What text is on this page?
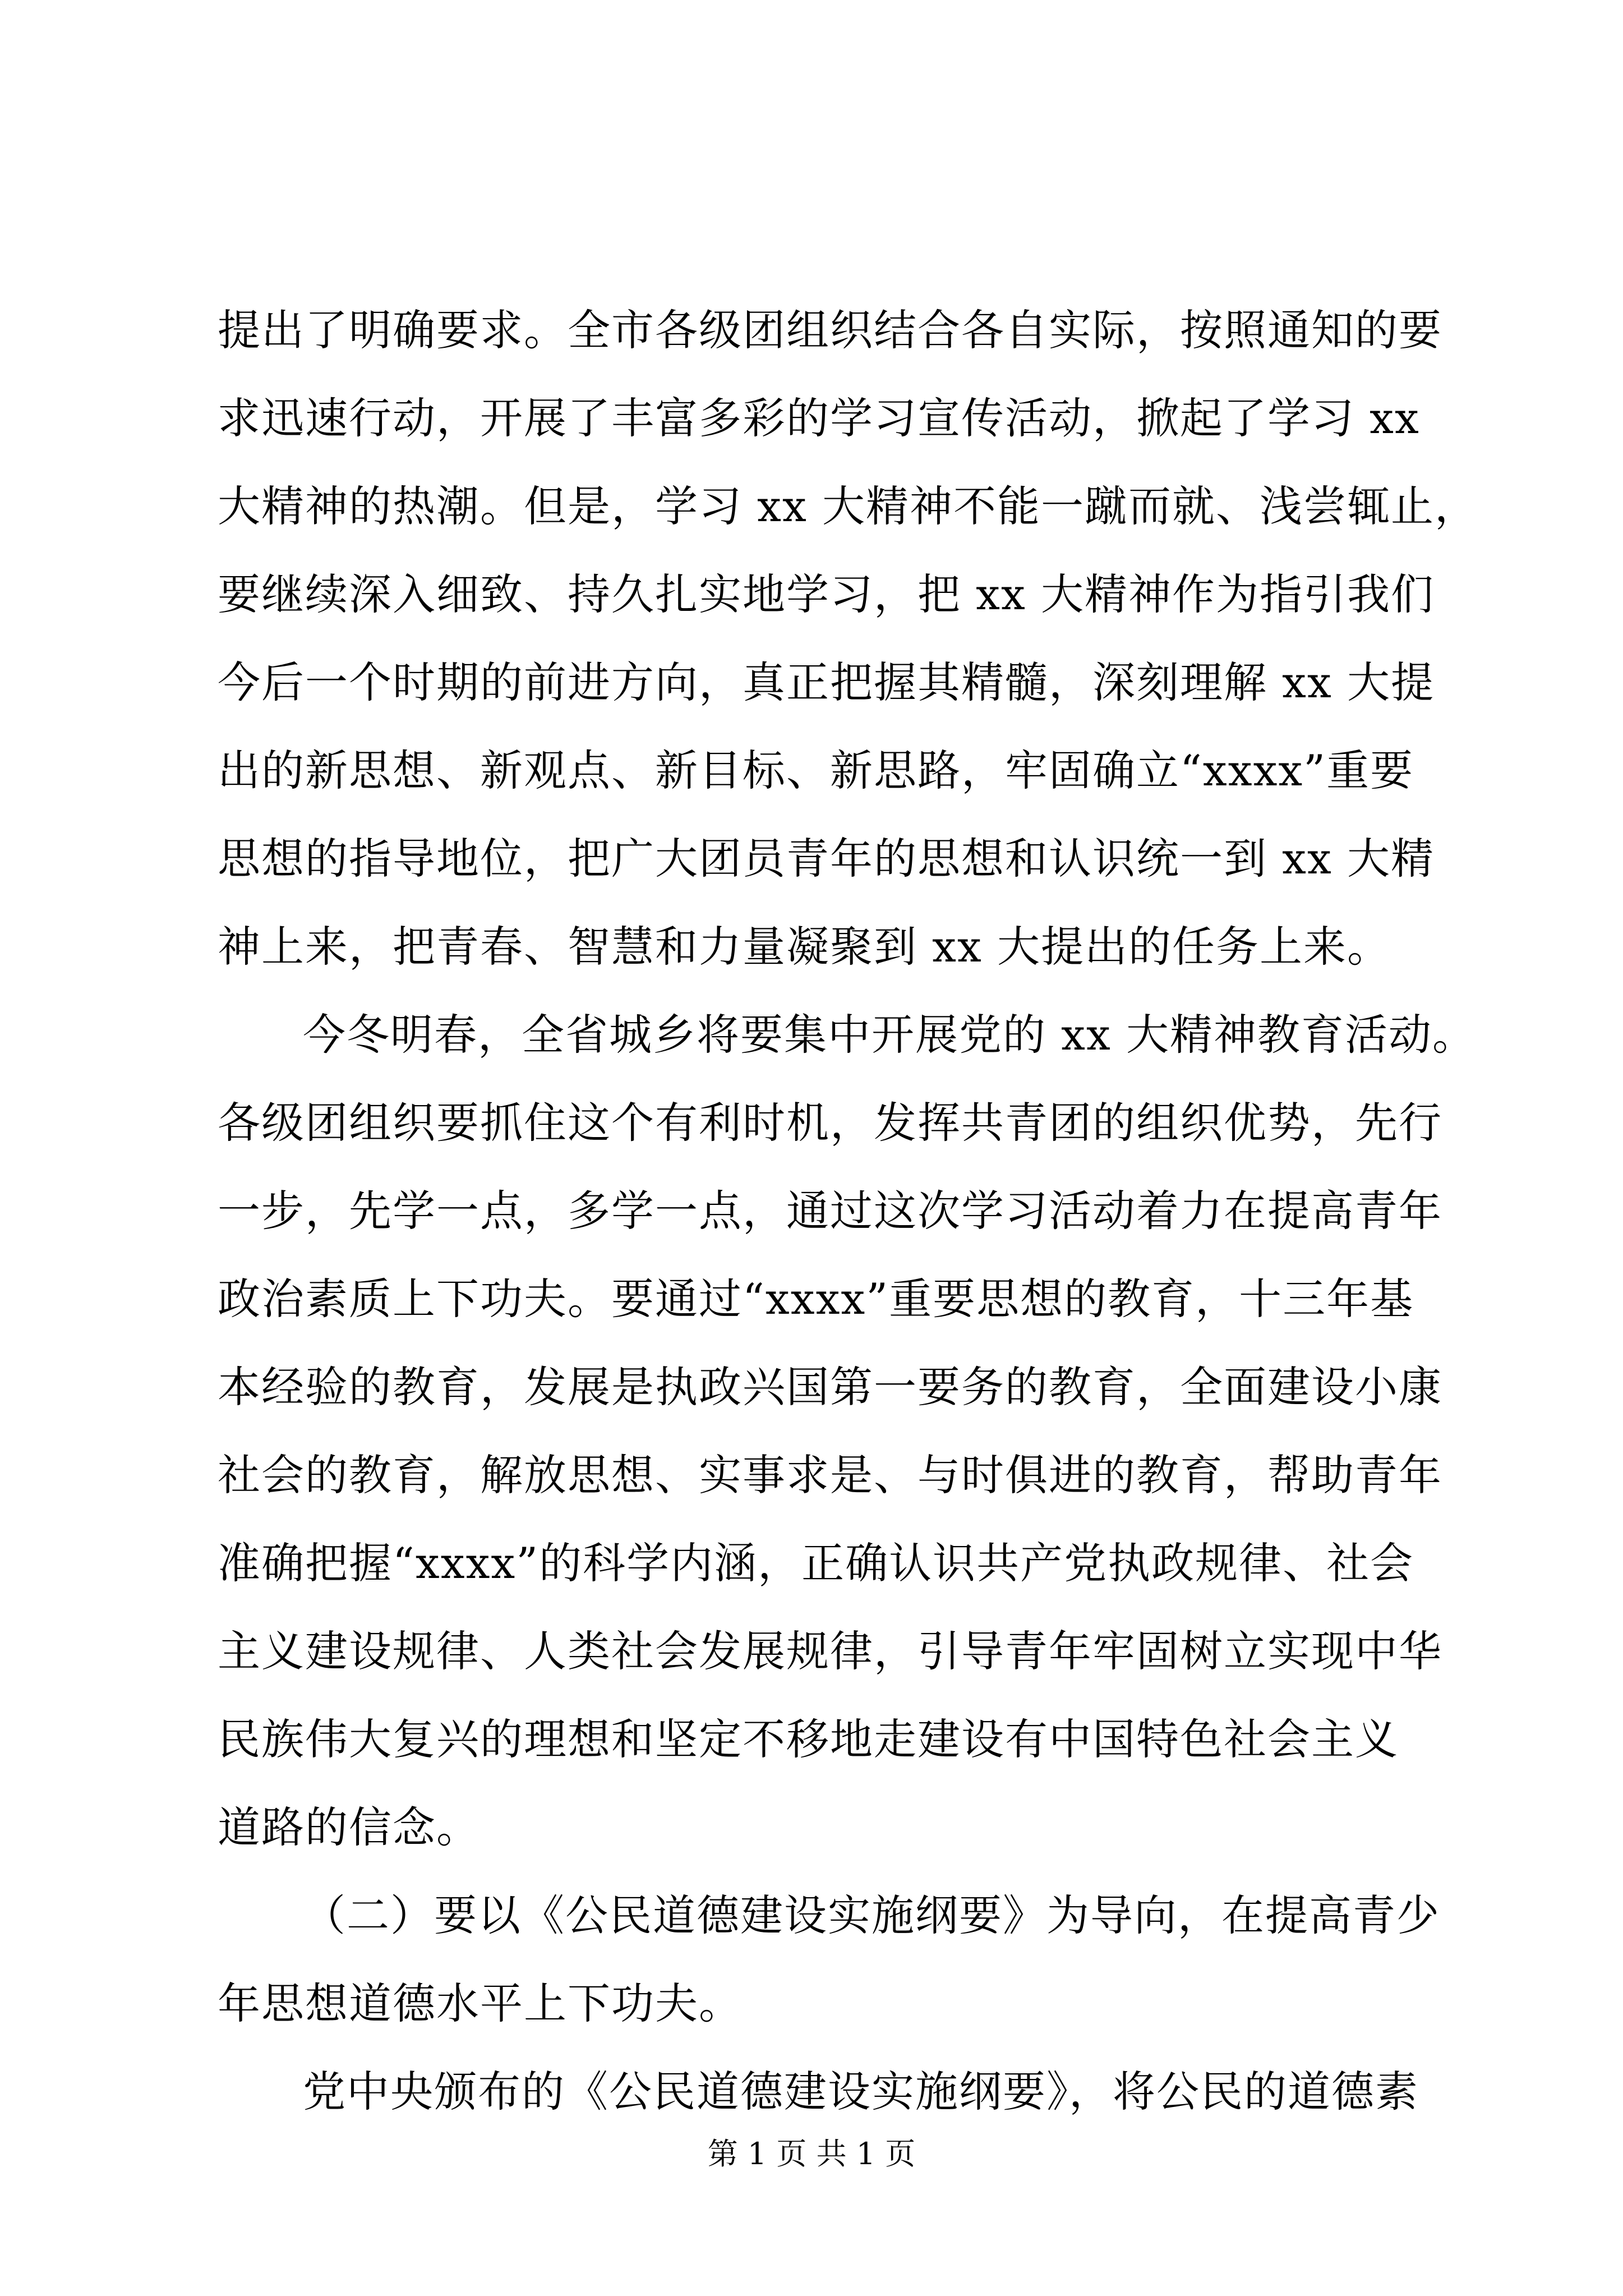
提出了明确要求。全市各级团组织结合各自实际，按照通知的要
求迅速行动，开展了丰富多彩的学习宣传活动，掀起了学习 xx
大精神的热潮。但是，学习 xx 大精神不能一蹴而就、浅尝辄止，
要继续深入细致、持久扎实地学习，把 xx 大精神作为指引我们
今后一个时期的前进方向，真正把握其精髓，深刻理解 xx 大提
出的新思想、新观点、新目标、新思路，牢固确立“xxxx”重要
思想的指导地位，把广大团员青年的思想和认识统一到 xx 大精
神上来，把青春、智慧和力量凝聚到 xx 大提出的任务上来。
今冬明春，全省城乡将要集中开展党的 xx 大精神教育活动。
各级团组织要抓住这个有利时机，发挥共青团的组织优势，先行
一步，先学一点，多学一点，通过这次学习活动着力在提高青年
政治素质上下功夫。要通过“xxxx”重要思想的教育，十三年基
本经验的教育，发展是执政兴国第一要务的教育，全面建设小康
社会的教育，解放思想、实事求是、与时俱进的教育，帮助青年
准确把握“xxxx”的科学内涵，正确认识共产党执政规律、社会
主义建设规律、人类社会发展规律，引导青年牢固树立实现中华
民族伟大复兴的理想和坚定不移地走建设有中国特色社会主义
道路的信念。
（二）要以《公民道德建设实施纲要》为导向，在提高青少
年思想道德水平上下功夫。
党中央颁布的《公民道德建设实施纲要》，将公民的道德素
第 1 页 共 1 页
